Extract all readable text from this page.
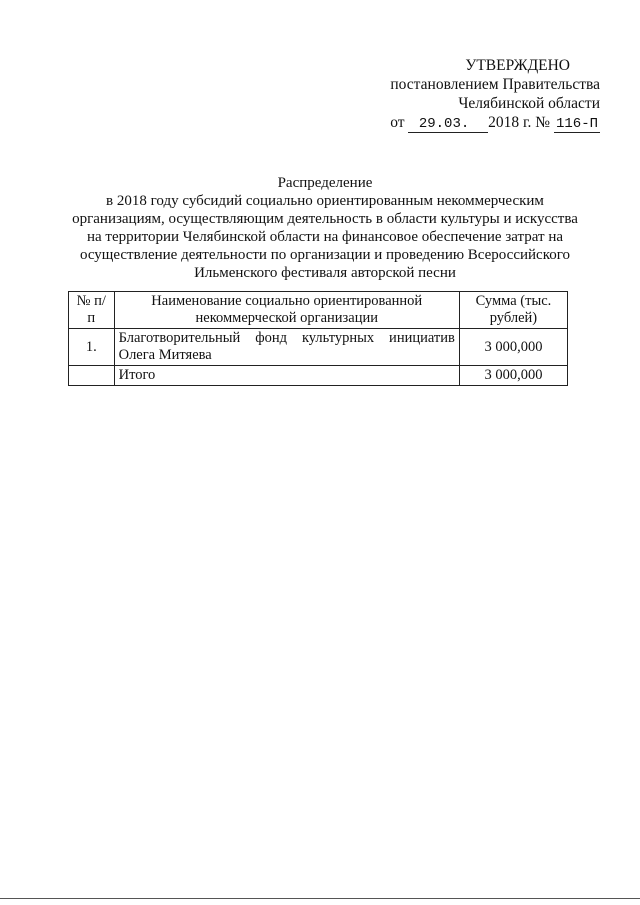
УТВЕРЖДЕНО
постановлением Правительства
Челябинской области
от 29.03. 2018 г. № 116-П
Распределение
в 2018 году субсидий социально ориентированным некоммерческим организациям, осуществляющим деятельность в области культуры и искусства на территории Челябинской области на финансовое обеспечение затрат на осуществление деятельности по организации и проведению Всероссийского Ильменского фестиваля авторской песни
№ п/п	Наименование социально ориентированной некоммерческой организации	Сумма (тыс. рублей)
1.	Благотворительный фонд культурных инициатив Олега Митяева	3 000,000
	Итого	3 000,000
